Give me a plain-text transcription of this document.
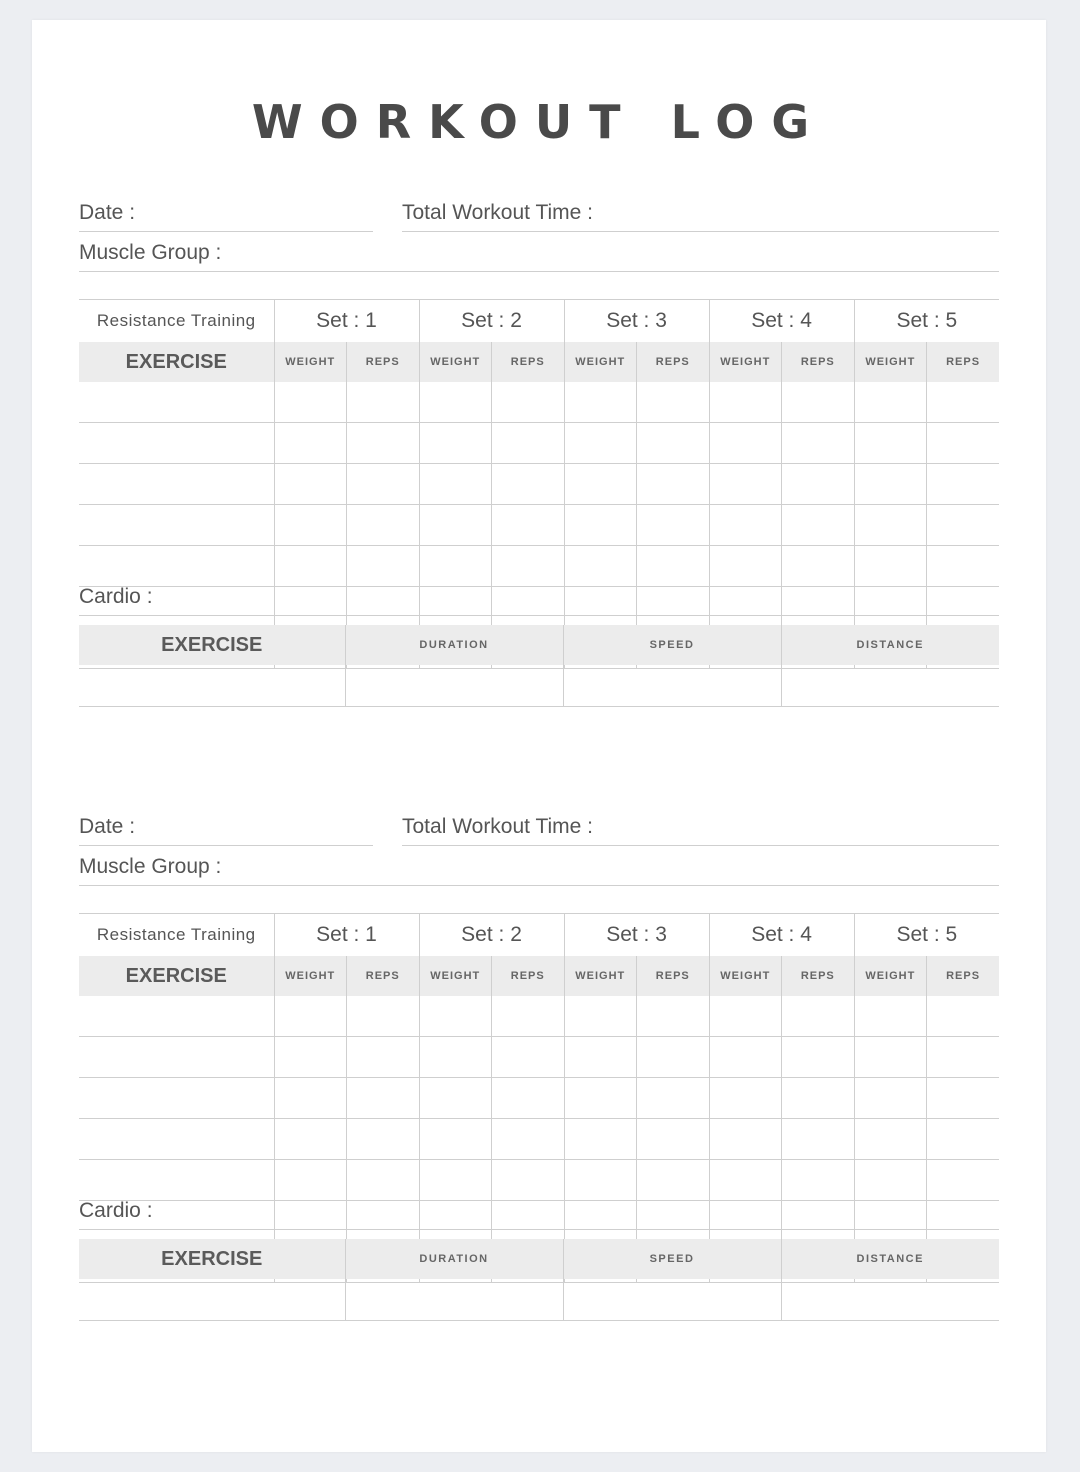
WORKOUT LOG
Date :	Total Workout Time :
Muscle Group :
Resistance Training	Set : 1		Set : 2		Set : 3		Set : 4		Set : 5	
EXERCISE	WEIGHT	REPS	WEIGHT	REPS	WEIGHT	REPS	WEIGHT	REPS	WEIGHT	REPS

Cardio :
EXERCISE	DURATION	SPEED	DISTANCE

Date :	Total Workout Time :
Muscle Group :
Resistance Training	Set : 1		Set : 2		Set : 3		Set : 4		Set : 5	
EXERCISE	WEIGHT	REPS	WEIGHT	REPS	WEIGHT	REPS	WEIGHT	REPS	WEIGHT	REPS

Cardio :
EXERCISE	DURATION	SPEED	DISTANCE
